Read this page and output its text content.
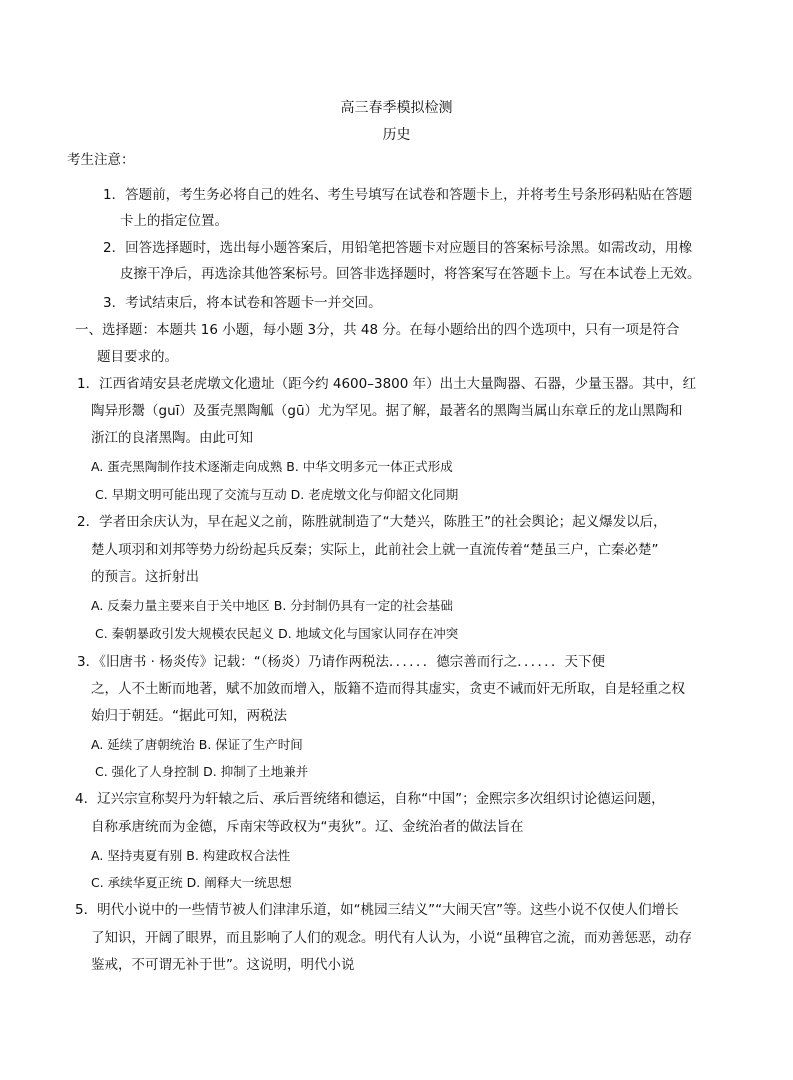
高三春季模拟检测
历史
考生注意：
1．答题前，考生务必将自己的姓名、考生号填写在试卷和答题卡上，并将考生号条形码粘贴在答题
卡上的指定位置。
2．回答选择题时，选出每小题答案后，用铅笔把答题卡对应题目的答案标号涂黑。如需改动，用橡
皮擦干净后，再选涂其他答案标号。回答非选择题时，将答案写在答题卡上。写在本试卷上无效。
3．考试结束后，将本试卷和答题卡一并交回。
一、选择题：本题共 16 小题，每小题 3分，共 48 分。在每小题给出的四个选项中，只有一项是符合
题目要求的。
1．江西省靖安县老虎墩文化遗址（距今约 4600–3800 年）出土大量陶器、石器，少量玉器。其中，红
陶异形鬶（guī）及蛋壳黑陶觚（gū）尤为罕见。据了解，最著名的黑陶当属山东章丘的龙山黑陶和
浙江的良渚黑陶。由此可知
A. 蛋壳黑陶制作技术逐渐走向成熟 B. 中华文明多元一体正式形成
C. 早期文明可能出现了交流与互动 D. 老虎墩文化与仰韶文化同期
2．学者田余庆认为，早在起义之前，陈胜就制造了“大楚兴，陈胜王”的社会舆论；起义爆发以后，
楚人项羽和刘邦等势力纷纷起兵反秦；实际上，此前社会上就一直流传着“楚虽三户，亡秦必楚”
的预言。这折射出
A. 反秦力量主要来自于关中地区 B. 分封制仍具有一定的社会基础
C. 秦朝暴政引发大规模农民起义 D. 地域文化与国家认同存在冲突
3．《旧唐书 · 杨炎传》记载：“（杨炎）乃请作两税法．．．．．．德宗善而行之．．．．．．天下便
之，人不土断而地著，赋不加敛而增入，版籍不造而得其虚实，贪吏不诫而奸无所取，自是轻重之权
始归于朝廷。“据此可知，两税法
A. 延续了唐朝统治 B. 保证了生产时间
C. 强化了人身控制 D. 抑制了土地兼并
4．辽兴宗宣称契丹为轩辕之后、承后晋统绪和德运，自称“中国”；金熙宗多次组织讨论德运问题，
自称承唐统而为金德，斥南宋等政权为“夷狄”。辽、金统治者的做法旨在
A. 坚持夷夏有别 B. 构建政权合法性
C. 承续华夏正统 D. 阐释大一统思想
5．明代小说中的一些情节被人们津津乐道，如“桃园三结义”“大闹天宫”等。这些小说不仅使人们增长
了知识，开阔了眼界，而且影响了人们的观念。明代有人认为，小说“虽稗官之流，而劝善惩恶，动存
鉴戒，不可谓无补于世”。这说明，明代小说
